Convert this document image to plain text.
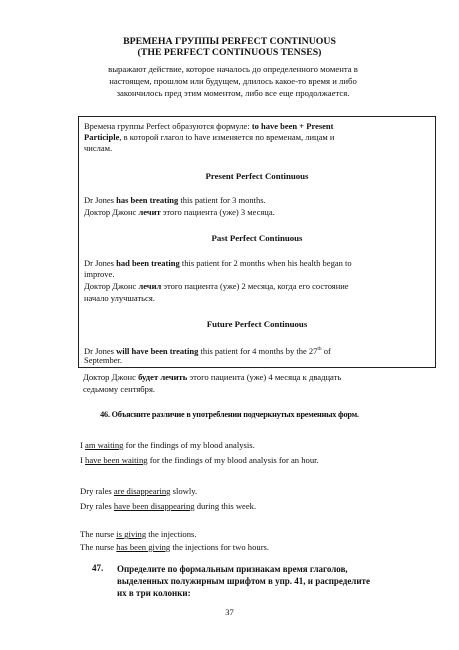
ВРЕМЕНА ГРУППЫ PERFECT CONTINUOUS
(THE PERFECT CONTINUOUS TENSES)
выражают действие, которое началось до определенного момента в
настоящем, прошлом или будущем, длилось какое-то время и либо
закончилось пред этим моментом, либо все еще продолжается.
Времена группы Perfect образуются формуле: to have been + Present
Participle, в которой глагол to have изменяется по временам, лицам и
числам.
Present Perfect Continuous
Dr Jones has been treating this patient for 3 months.
Доктор Джонс лечит этого пациента (уже) 3 месяца.
Past Perfect Continuous
Dr Jones had been treating this patient for 2 months when his health began to
improve.
Доктор Джонс лечил этого пациента (уже) 2 месяца, когда его состояние
начало улучшаться.
Future Perfect Continuous
Dr Jones will have been treating this patient for 4 months by the 27th of
September.
Доктор Джонс будет лечить этого пациента (уже) 4 месяца к двадцать
седьмому сентября.
46. Объясните различие в употреблении подчеркнутых временных форм.
I am waiting for the findings of my blood analysis.
I have been waiting for the findings of my blood analysis for an hour.
Dry rales are disappearing slowly.
Dry rales have been disappearing during this week.
The nurse is giving the injections.
The nurse has been giving the injections for two hours.
47. Определите по формальным признакам время глаголов,
выделенных полужирным шрифтом в упр. 41, и распределите
их в три колонки:
37
